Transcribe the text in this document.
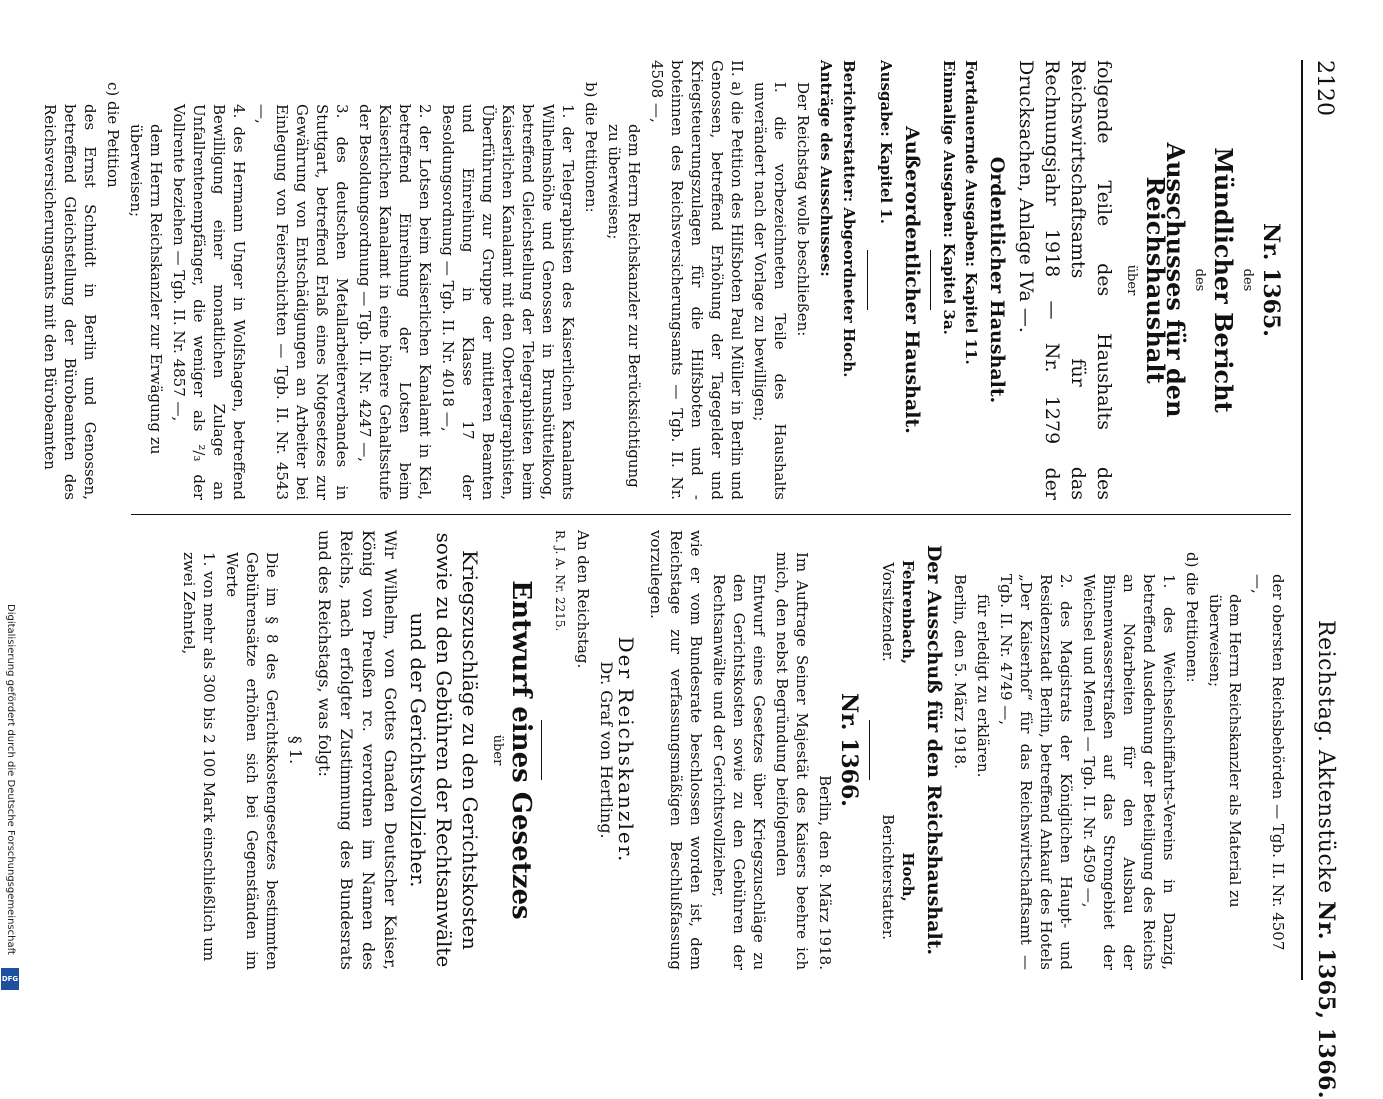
2120
Reichstag. Aktenstücke Nr. 1365, 1366.
Nr. 1365.
des
Mündlicher Bericht
des
Ausschusses für den Reichshaushalt
über
folgende Teile des Haushalts des Reichswirtschaftsamts für das Rechnungsjahr 1918 — Nr. 1279 der Drucksachen, Anlage IVa —.
Ordentlicher Haushalt.
Fortdauernde Ausgaben: Kapitel 11.
Einmalige Ausgaben: Kapitel 3a.
Außerordentlicher Haushalt.
Ausgabe: Kapitel 1.

Berichterstatter: Abgeordneter Hoch.

Anträge des Ausschusses:

Der Reichstag wolle beschließen:

I. die vorbezeichneten Teile des Haushalts unverändert nach der Vorlage zu bewilligen;

II. a) die Petition des Hilfsboten Paul Müller in Berlin und Genossen, betreffend Erhöhung der Tagegelder und Kriegsteuerungszulagen für die Hilfsboten und -boteinnen des Reichsversicherungsamts — Tgb. II. Nr. 4508 —,

dem Herrn Reichskanzler zur Berücksichtigung zu überweisen;

b) die Petitionen:

1. der Telegraphisten des Kaiserlichen Kanalamts Wilhelmshöhe und Genossen in Brunsbüttelkoog, betreffend Gleichstellung der Telegraphisten beim Kaiserlichen Kanalamt mit den Obertelegraphisten, Überführung zur Gruppe der mittleren Beamten und Einreihung in Klasse 17 der Besoldungsordnung — Tgb. II. Nr. 4018 —,

2. der Lotsen beim Kaiserlichen Kanalamt in Kiel, betreffend Einreihung der Lotsen beim Kaiserlichen Kanalamt in eine höhere Gehaltsstufe der Besoldungsordnung — Tgb. II. Nr. 4247 —,

3. des deutschen Metallarbeiterverbandes in Stuttgart, betreffend Erlaß eines Notgesetzes zur Gewährung von Entschädigungen an Arbeiter bei Einlegung von Feierschichten — Tgb. II. Nr. 4543 —,

4. des Hermann Unger in Wolfshagen, betreffend Bewilligung einer monatlichen Zulage an Unfallrentenempfänger, die weniger als ²/₃ der Vollrente beziehen — Tgb. II. Nr. 4857 —,

dem Herrn Reichskanzler zur Erwägung zu überweisen;

c) die Petition

des Ernst Schmidt in Berlin und Genossen, betreffend Gleichstellung der Bürobeamten des Reichsversicherungsamts mit den Bürobeamten

der obersten Reichsbehörden — Tgb. II. Nr. 4507 —,

dem Herrn Reichskanzler als Material zu überweisen;

d) die Petitionen:

1. des Weichselschiffahrts-Vereins in Danzig, betreffend Ausdehnung der Beteiligung des Reichs an Notarbeiten für den Ausbau der Binnenwasserstraßen auf das Stromgebiet der Weichsel und Memel — Tgb. II. Nr. 4509 —,

2. des Magistrats der Königlichen Haupt- und Residenzstadt Berlin, betreffend Ankauf des Hotels „Der Kaiserhof“ für das Reichswirtschaftsamt — Tgb. II. Nr. 4749 —,

für erledigt zu erklären.

Berlin, den 5. März 1918.

Der Ausschuß für den Reichshaushalt.
Fehrenbach,
Vorsitzender.
Hoch,
Berichterstatter.
Nr. 1366.

Berlin, den 8. März 1918.

Im Auftrage Seiner Majestät des Kaisers beehre ich mich, den nebst Begründung beifolgenden

Entwurf eines Gesetzes über Kriegszuschläge zu den Gerichtskosten sowie zu den Gebühren der Rechtsanwälte und der Gerichtsvollzieher,

wie er vom Bundesrate beschlossen worden ist, dem Reichstage zur verfassungsmäßigen Beschlußfassung vorzulegen.

Der Reichskanzler.
Dr. Graf von Hertling.

An den Reichstag.

R. J. A. Nr. 2215.

Entwurf eines Gesetzes
über
Kriegszuschläge zu den Gerichtskosten sowie zu den Gebühren der Rechtsanwälte und der Gerichtsvollzieher.

Wir Wilhelm, von Gottes Gnaden Deutscher Kaiser, König von Preußen rc. verordnen im Namen des Reichs, nach erfolgter Zustimmung des Bundesrats und des Reichstags, was folgt:

§ 1.

Die im § 8 des Gerichtskostengesetzes bestimmten Gebührensätze erhöhen sich bei Gegenständen im Werte

1. von mehr als 300 bis 2 100 Mark einschließlich um zwei Zehntel,

Digitalisierung gefördert durch die Deutsche Forschungsgemeinschaft
DFG
